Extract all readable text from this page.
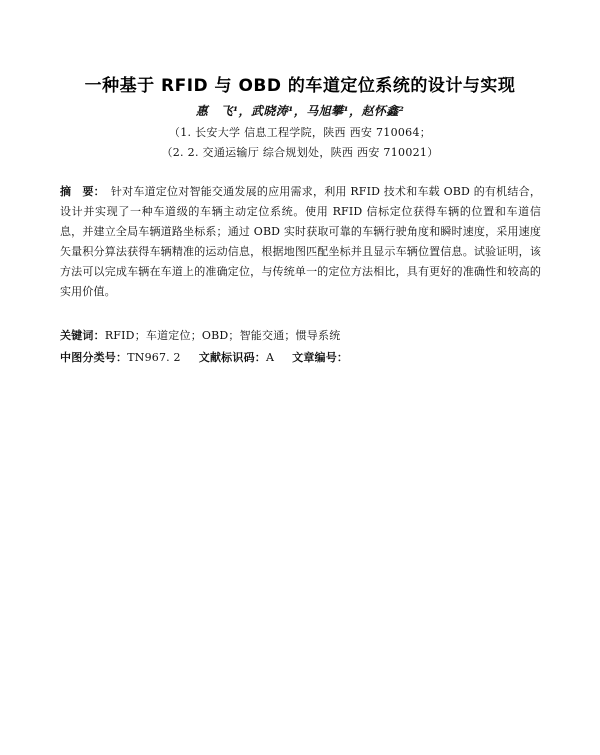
一种基于 RFID 与 OBD 的车道定位系统的设计与实现
惠　飞¹，武晓涛¹，马旭攀¹，赵怀鑫²
（1. 长安大学 信息工程学院，陕西 西安 710064；
（2. 2. 交通运输厅 综合规划处，陕西 西安 710021）
摘　要： 针对车道定位对智能交通发展的应用需求，利用 RFID 技术和车载 OBD 的有机结合，设计并实现了一种车道级的车辆主动定位系统。使用 RFID 信标定位获得车辆的位置和车道信息，并建立全局车辆道路坐标系；通过 OBD 实时获取可靠的车辆行驶角度和瞬时速度，采用速度矢量积分算法获得车辆精准的运动信息，根据地图匹配坐标并且显示车辆位置信息。试验证明，该方法可以完成车辆在车道上的准确定位，与传统单一的定位方法相比，具有更好的准确性和较高的实用价值。
关键词：RFID；车道定位；OBD；智能交通；惯导系统
中图分类号：TN967. 2 文献标识码：A 文章编号：
